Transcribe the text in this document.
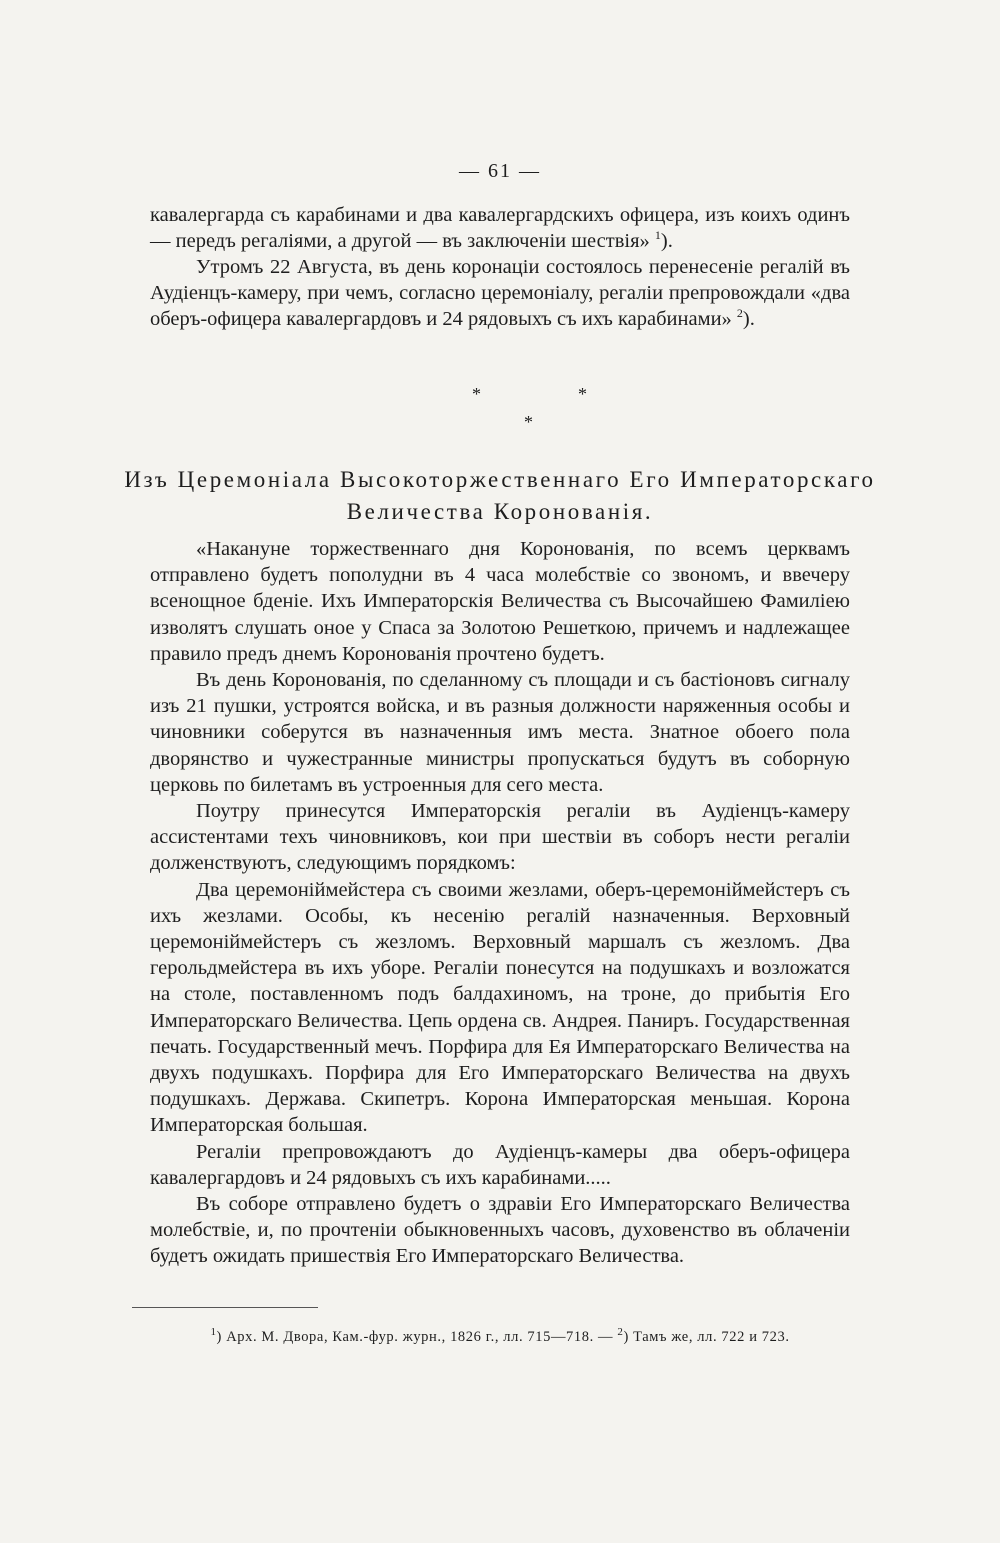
— 61 —

кавалергарда съ карабинами и два кавалергардскихъ офицера, изъ коихъ одинъ — передъ регаліями, а другой — въ заключеніи шествія» $^1$).

Утромъ 22 Августа, въ день коронаціи состоялось перенесеніе регалій въ Аудіенцъ-камеру, при чемъ, согласно церемоніалу, регаліи препровождали «два оберъ-офицера кавалергардовъ и 24 рядовыхъ съ ихъ карабинами» $^2$).

*	*
*
Изъ Церемоніала Высокоторжественнаго Его Императорскаго
Величества Коронованія.

«Накануне торжественнаго дня Коронованія, по всемъ церквамъ отправлено будетъ пополудни въ 4 часа молебствіе со звономъ, и ввечеру всенощное бденіе. Ихъ Императорскія Величества съ Высочайшею Фамиліею изволятъ слушать оное у Спаса за Золотою Решеткою, причемъ и надлежащее правило предъ днемъ Коронованія прочтено будетъ.

Въ день Коронованія, по сделанному съ площади и съ бастіоновъ сигналу изъ 21 пушки, устроятся войска, и въ разныя должности наряженныя особы и чиновники соберутся въ назначенныя имъ места. Знатное обоего пола дворянство и чужестранные министры пропускаться будутъ въ соборную церковь по билетамъ въ устроенныя для сего места.

Поутру принесутся Императорскія регаліи въ Аудіенцъ-камеру ассистентами техъ чиновниковъ, кои при шествіи въ соборъ нести регаліи долженствуютъ, следующимъ порядкомъ:

Два церемоніймейстера съ своими жезлами, оберъ-церемоніймейстеръ съ ихъ жезлами. Особы, къ несенію регалій назначенныя. Верховный церемоніймейстеръ съ жезломъ. Верховный маршалъ съ жезломъ. Два герольдмейстера въ ихъ уборе. Регаліи понесутся на подушкахъ и возложатся на столе, поставленномъ подъ балдахиномъ, на троне, до прибытія Его Императорскаго Величества. Цепь ордена св. Андрея. Паниръ. Государственная печать. Государственный мечъ. Порфира для Ея Императорскаго Величества на двухъ подушкахъ. Порфира для Его Императорскаго Величества на двухъ подушкахъ. Держава. Скипетръ. Корона Императорская меньшая. Корона Императорская большая.

Регаліи препровождаютъ до Аудіенцъ-камеры два оберъ-офицера кавалергардовъ и 24 рядовыхъ съ ихъ карабинами.....

Въ соборе отправлено будетъ о здравіи Его Императорскаго Величества молебствіе, и, по прочтеніи обыкновенныхъ часовъ, духовенство въ облаченіи будетъ ожидать пришествія Его Императорскаго Величества.

$^1$) Арх. М. Двора, Кам.-фур. журн., 1826 г., лл. 715—718. — $^2$) Тамъ же, лл. 722 и 723.
